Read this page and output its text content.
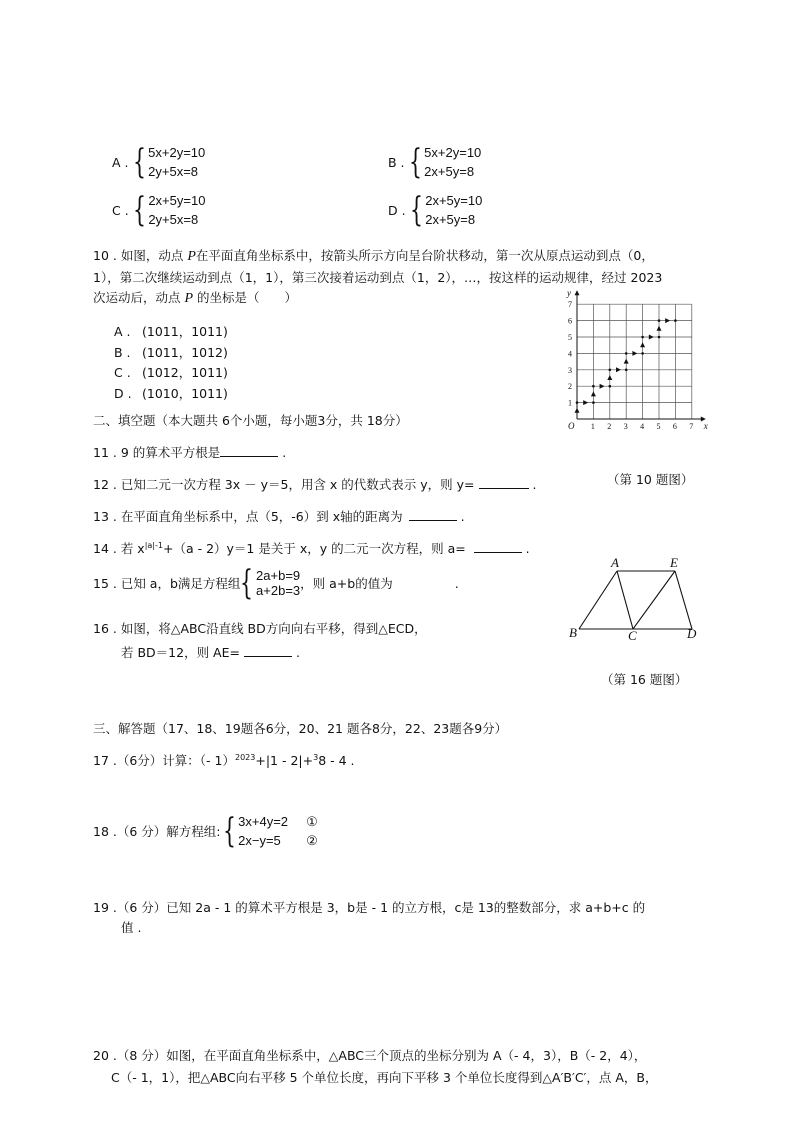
A . { 5x+2y=10
2y+5x=8
B . { 5x+2y=10
2x+5y=8
C . { 2x+5y=10
2y+5x=8
D . { 2x+5y=10
2x+5y=8
10 . 如图，动点 P在平面直角坐标系中，按箭头所示方向呈台阶状移动，第一次从原点运动到点（0，
1），第二次继续运动到点（1，1），第三次接着运动到点（1，2），…，按这样的运动规律，经过 2023
次运动后，动点 P 的坐标是（　　）
A . (1011，1011)
B . (1011，1012)
C . (1012，1011)
D . (1010，1011)
1 2 3 4 5 6 7
1
2
3
4
5
6
7
O	x
y
（第 10 题图）
二、填空题（本大题共 6个小题，每小题3分，共 18分）
11 . 9 的算术平方根是	.
12 . 已知二元一次方程 3x － y＝5，用含 x 的代数式表示 y，则 y=	.
13 . 在平面直角坐标系中，点（5，-6）到 x轴的距离为	.
14 . 若 $x^{|a|-1}+(a - 2)y=1$ 是关于 x，y 的二元一次方程，则 a=	.
15 . 已知 a，b满足方程组 { 2a+b=9
a+2b=3 ，则 a+b的值为	.
16 . 如图，将△ABC沿直线 BD方向向右平移，得到△ECD，
若 BD＝12，则 AE=	.
A	E
B	C	D
（第 16 题图）
三、解答题（17、18、19题各6分，20、21 题各8分，22、23题各9分）
17 .（6分）计算：（- 1）$^{2023}$+|1 - 2|+$^3$8 - 4 .
18 .（6 分）解方程组: { 3x+4y=2 ①
2x−y=5 ②
19 .（6 分）已知 2a - 1 的算术平方根是 3，b是 - 1 的立方根，c是 13的整数部分，求 a+b+c 的
值 .
20 .（8 分）如图，在平面直角坐标系中，△ABC三个顶点的坐标分别为 A（- 4，3），B（- 2，4），
C（- 1，1），把△ABC向右平移 5 个单位长度，再向下平移 3 个单位长度得到△A′B′C′，点 A，B，
